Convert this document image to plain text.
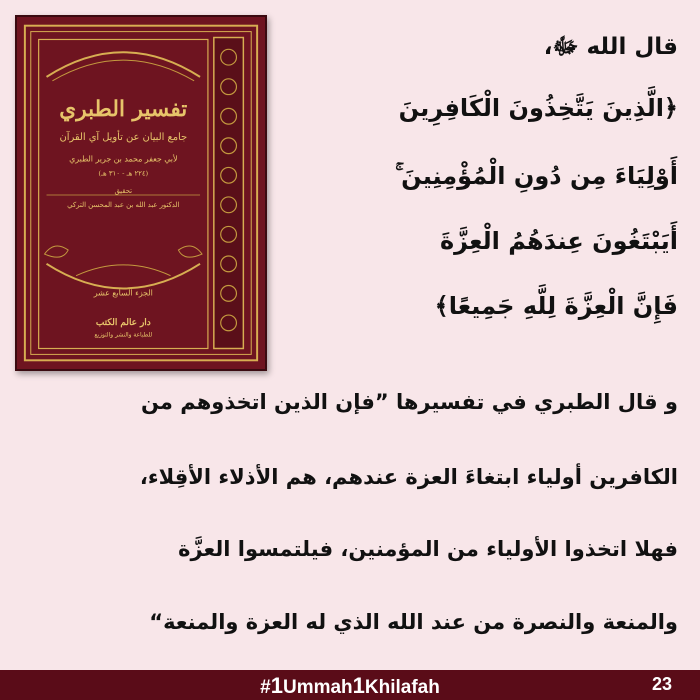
تفسير الطبري
جامع البيان عن تأويل آي القرآن
لأبي جعفر محمد بن جرير الطبري
(٢٢٤ هـ - ٣١٠ هـ)
تحقيق
الدكتور عبد الله بن عبد المحسن التركي
الجزء السابع عشر
دار عالم الكتب
للطباعة والنشر والتوزيع
قال الله ﷻ،
﴿الَّذِينَ يَتَّخِذُونَ الْكَافِرِينَ
أَوْلِيَاءَ مِن دُونِ الْمُؤْمِنِينَ ۚ
أَيَبْتَغُونَ عِندَهُمُ الْعِزَّةَ
فَإِنَّ الْعِزَّةَ لِلَّهِ جَمِيعًا﴾
و قال الطبري في تفسيرها ”فإن الذين اتخذوهم من
الكافرين أولياء ابتغاءَ العزة عندهم، هم الأذلاء الأقِلاء،
فهلا اتخذوا الأولياء من المؤمنين، فيلتمسوا العزَّة
والمنعة والنصرة من عند الله الذي له العزة والمنعة“
#1Ummah1Khilafah	23
